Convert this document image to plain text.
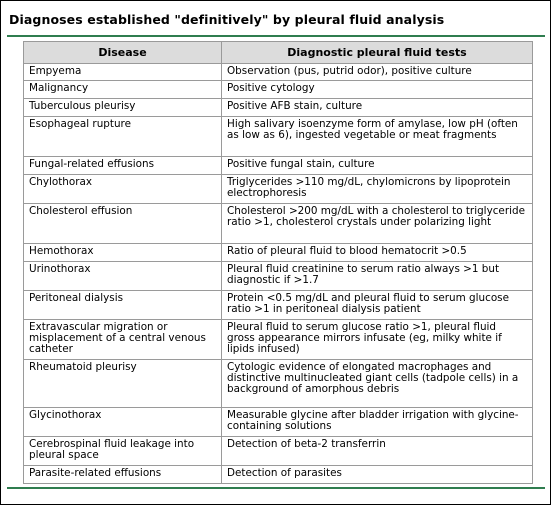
Diagnoses established "definitively" by pleural fluid analysis
Disease	Diagnostic pleural fluid tests
Empyema	Observation (pus, putrid odor), positive culture
Malignancy	Positive cytology
Tuberculous pleurisy	Positive AFB stain, culture
Esophageal rupture	High salivary isoenzyme form of amylase, low pH (often as low as 6), ingested vegetable or meat fragments
Fungal-related effusions	Positive fungal stain, culture
Chylothorax	Triglycerides >110 mg/dL, chylomicrons by lipoprotein electrophoresis
Cholesterol effusion	Cholesterol >200 mg/dL with a cholesterol to triglyceride ratio >1, cholesterol crystals under polarizing light
Hemothorax	Ratio of pleural fluid to blood hematocrit >0.5
Urinothorax	Pleural fluid creatinine to serum ratio always >1 but diagnostic if >1.7
Peritoneal dialysis	Protein <0.5 mg/dL and pleural fluid to serum glucose ratio >1 in peritoneal dialysis patient
Extravascular migration or misplacement of a central venous catheter	Pleural fluid to serum glucose ratio >1, pleural fluid gross appearance mirrors infusate (eg, milky white if lipids infused)
Rheumatoid pleurisy	Cytologic evidence of elongated macrophages and distinctive multinucleated giant cells (tadpole cells) in a background of amorphous debris
Glycinothorax	Measurable glycine after bladder irrigation with glycine-containing solutions
Cerebrospinal fluid leakage into pleural space	Detection of beta-2 transferrin
Parasite-related effusions	Detection of parasites
